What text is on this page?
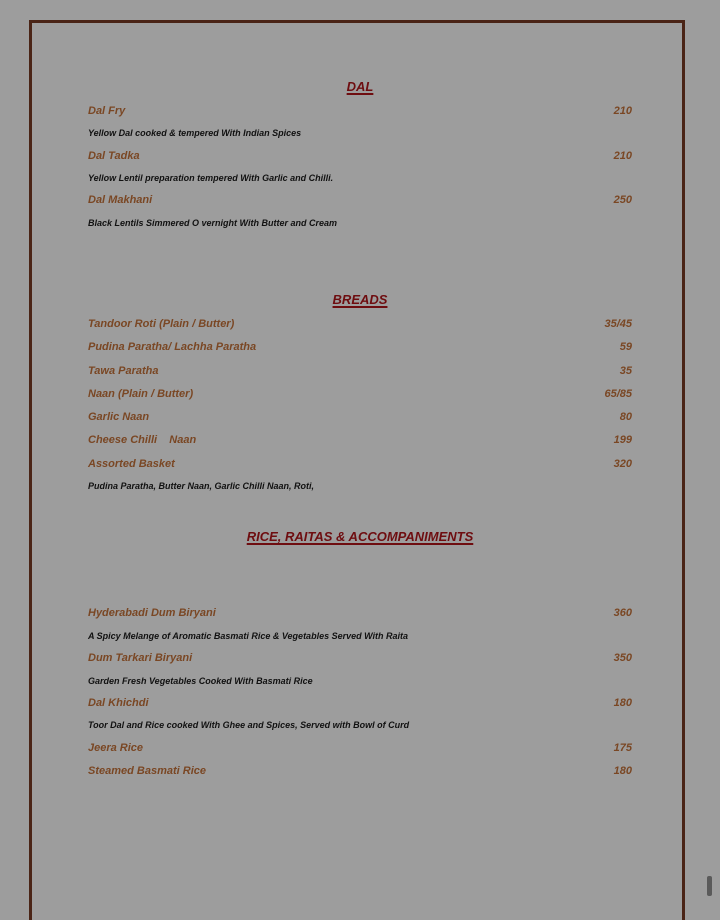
DAL
Dal Fry	210
Yellow Dal cooked & tempered With Indian Spices
Dal Tadka	210
Yellow Lentil preparation tempered With Garlic and Chilli.
Dal Makhani	250
Black Lentils Simmered O vernight With Butter and Cream
BREADS
Tandoor Roti (Plain / Butter)	35/45
Pudina Paratha/ Lachha Paratha	59
Tawa Paratha	35
Naan (Plain / Butter)	65/85
Garlic Naan	80
Cheese Chilli    Naan	199
Assorted Basket	320
Pudina Paratha, Butter Naan, Garlic Chilli Naan, Roti,
RICE, RAITAS & ACCOMPANIMENTS
Hyderabadi Dum Biryani	360
A Spicy Melange of Aromatic Basmati Rice & Vegetables Served With Raita
Dum Tarkari Biryani	350
Garden Fresh Vegetables Cooked With Basmati Rice
Dal Khichdi	180
Toor Dal and Rice cooked With Ghee and Spices, Served with Bowl of Curd
Jeera Rice	175
Steamed Basmati Rice	180
